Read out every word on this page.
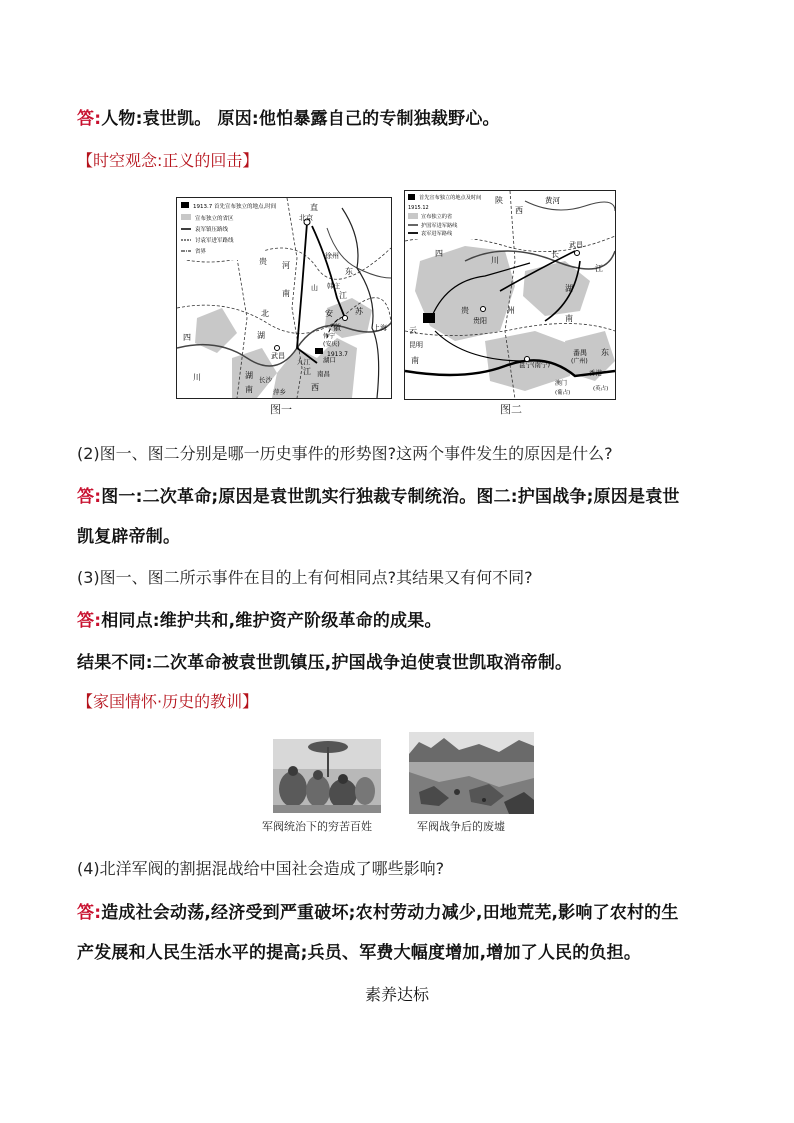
答:人物:袁世凯。 原因:他怕暴露自己的专制独裁野心。
【时空观念:正义的回击】
1913.7 首先宣布独立的地点,时间
宣布独立的省区
袁军镇压路线
讨袁军进军路线
省界
北京
直
河
南
北
湖
四
川	湖
南
贵
东
山
江
安	苏
徽
徐州
韩庄
怀宁
(安庆)
上海
武昌
九江 湖口
1913.7
南昌
长沙
萍乡
江
西
图一
首先宣布独立的地点及时间
1915.12
宣布独立的省
护国军进军路线
袁军进军路线
陕
西
黄河
四
川
长
江
武昌
湖
南
贵	州
贵阳
云
昆明
南	邕宁(南宁)
番禺
(广州)
东
香港
(英占)
澳门
(葡占)
图二
(2)图一、图二分别是哪一历史事件的形势图?这两个事件发生的原因是什么?
答:图一:二次革命;原因是袁世凯实行独裁专制统治。图二:护国战争;原因是袁世
凯复辟帝制。
(3)图一、图二所示事件在目的上有何相同点?其结果又有何不同?
答:相同点:维护共和,维护资产阶级革命的成果。
结果不同:二次革命被袁世凯镇压,护国战争迫使袁世凯取消帝制。
【家国情怀·历史的教训】
军阀统治下的穷苦百姓	军阀战争后的废墟
(4)北洋军阀的割据混战给中国社会造成了哪些影响?
答:造成社会动荡,经济受到严重破坏;农村劳动力减少,田地荒芜,影响了农村的生
产发展和人民生活水平的提高;兵员、军费大幅度增加,增加了人民的负担。
素养达标
